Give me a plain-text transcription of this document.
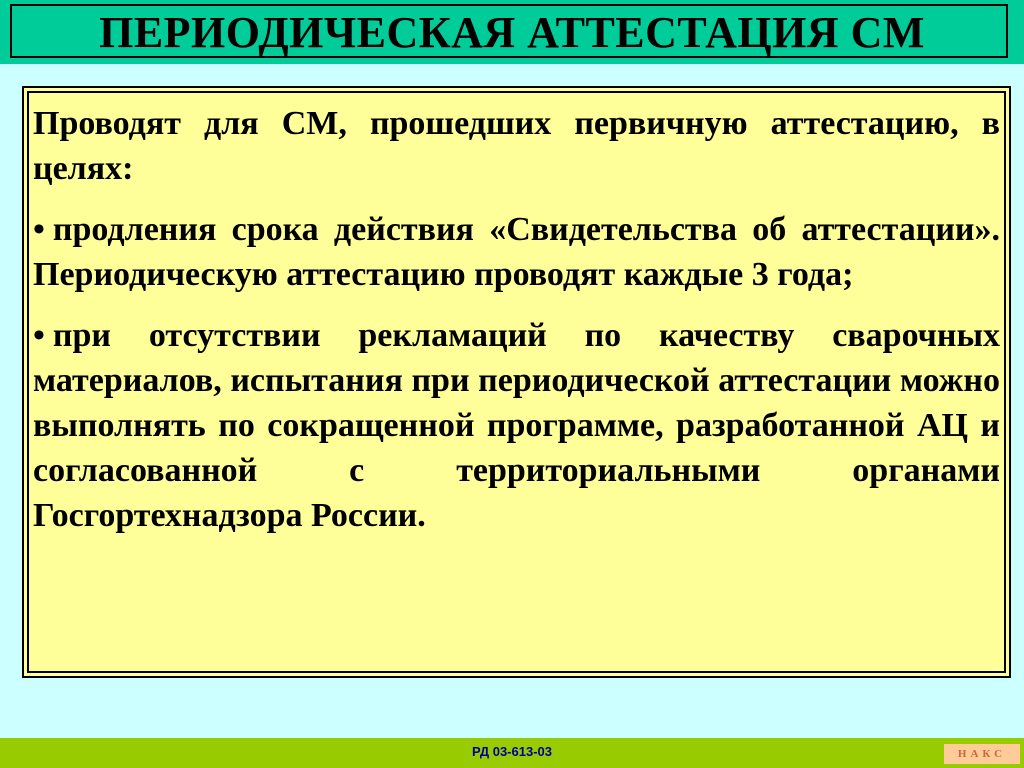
ПЕРИОДИЧЕСКАЯ АТТЕСТАЦИЯ СМ

Проводят для СМ, прошедших первичную аттестацию, в целях:

• продления срока действия «Свидетельства об аттестации». Периодическую аттестацию проводят каждые 3 года;

• при отсутствии рекламаций по качеству сварочных материалов, испытания при периодической аттестации можно выполнять по сокращенной программе, разработанной АЦ и согласованной с территориальными органами Госгортехнадзора России.

РД 03-613-03	НАКС
